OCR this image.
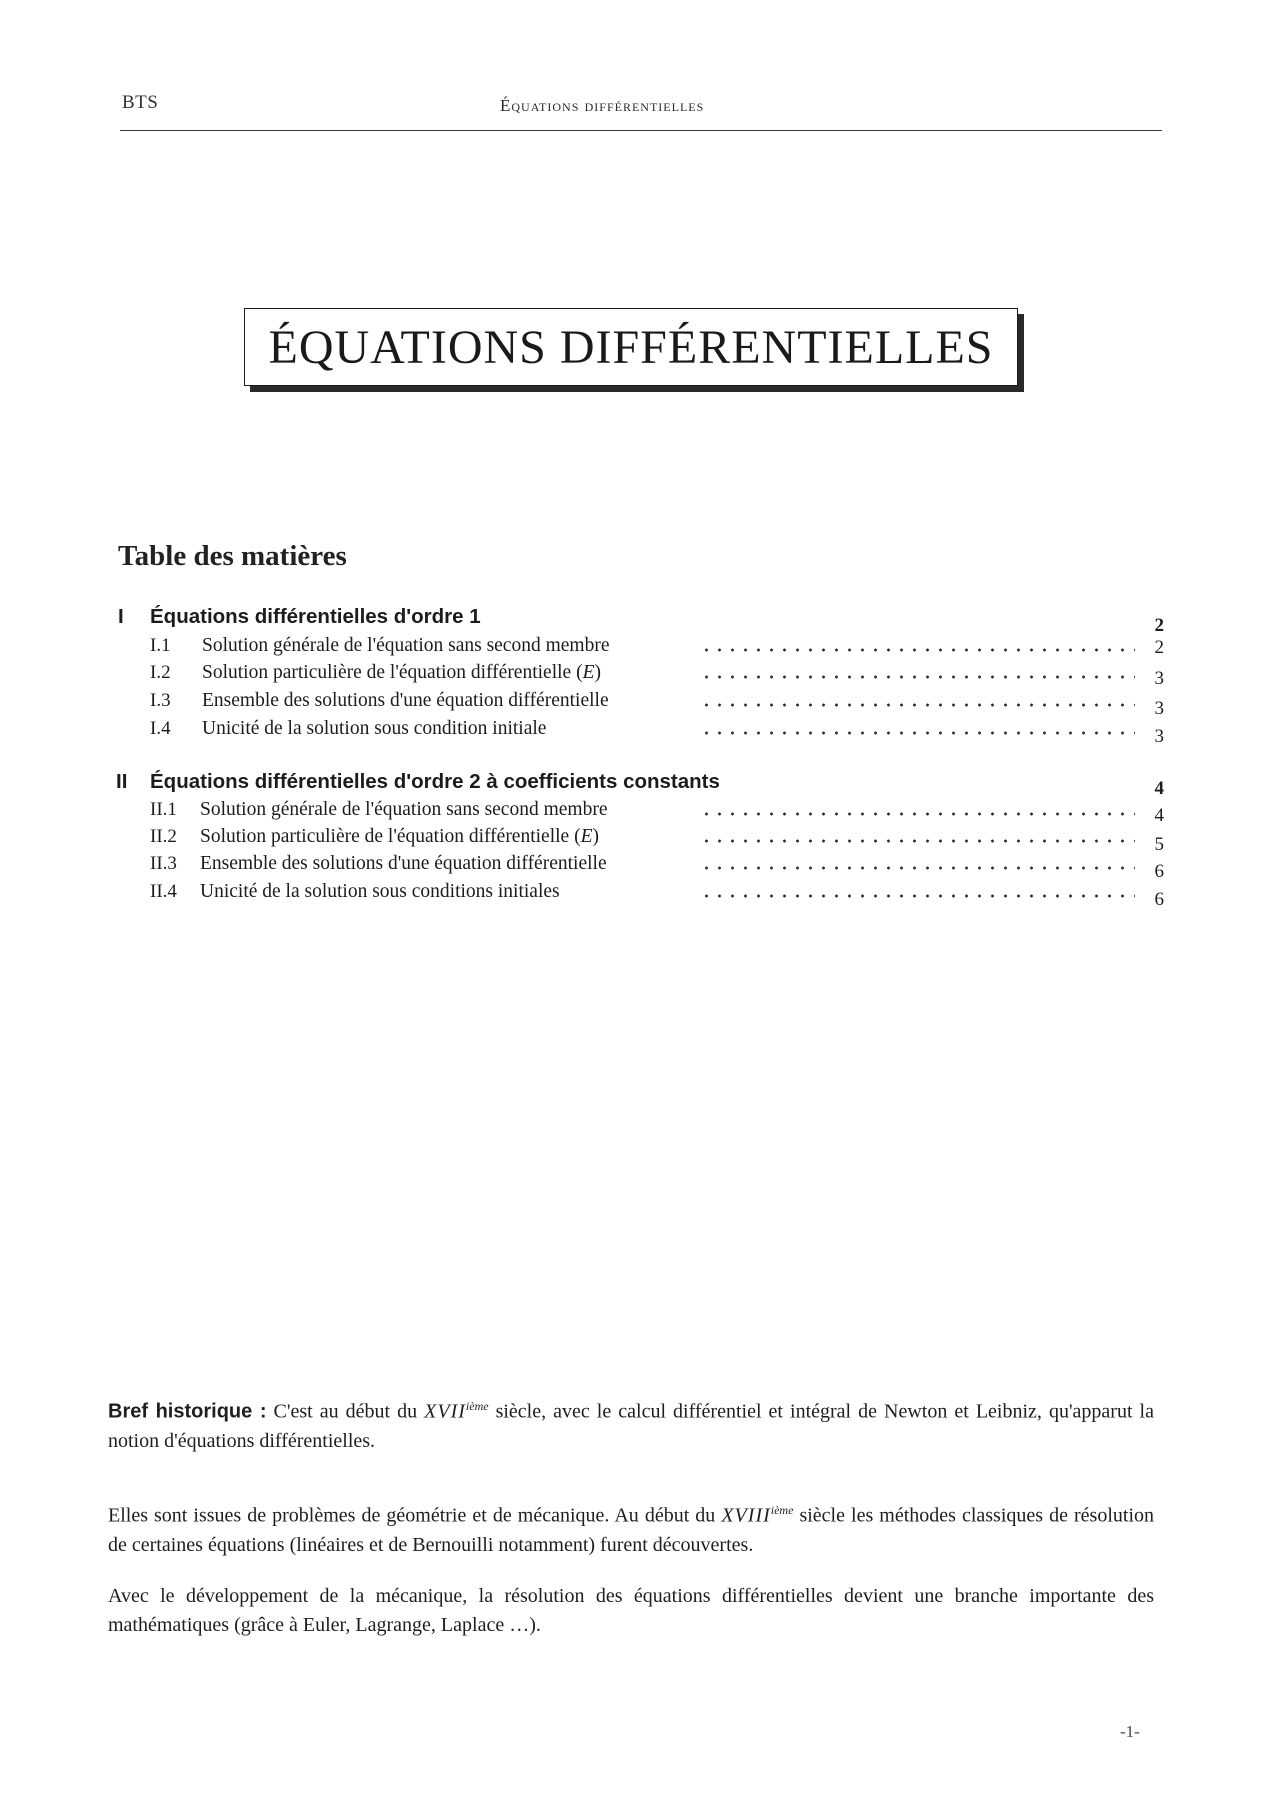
BTS	Équations différentielles
ÉQUATIONS DIFFÉRENTIELLES
Table des matières
I Équations différentielles d'ordre 1	2
I.1 Solution générale de l'équation sans second membre	2
I.2 Solution particulière de l'équation différentielle (E)	3
I.3 Ensemble des solutions d'une équation différentielle	3
I.4 Unicité de la solution sous condition initiale	3
II Équations différentielles d'ordre 2 à coefficients constants	4
II.1 Solution générale de l'équation sans second membre	4
II.2 Solution particulière de l'équation différentielle (E)	5
II.3 Ensemble des solutions d'une équation différentielle	6
II.4 Unicité de la solution sous conditions initiales	6

Bref historique : C'est au début du XVIIième siècle, avec le calcul différentiel et intégral de Newton et Leibniz, qu'apparut la notion d'équations différentielles.

Elles sont issues de problèmes de géométrie et de mécanique. Au début du XVIIIième siècle les méthodes classiques de résolution de certaines équations (linéaires et de Bernouilli notamment) furent découvertes.

Avec le développement de la mécanique, la résolution des équations différentielles devient une branche importante des mathématiques (grâce à Euler, Lagrange, Laplace …).

-1-
